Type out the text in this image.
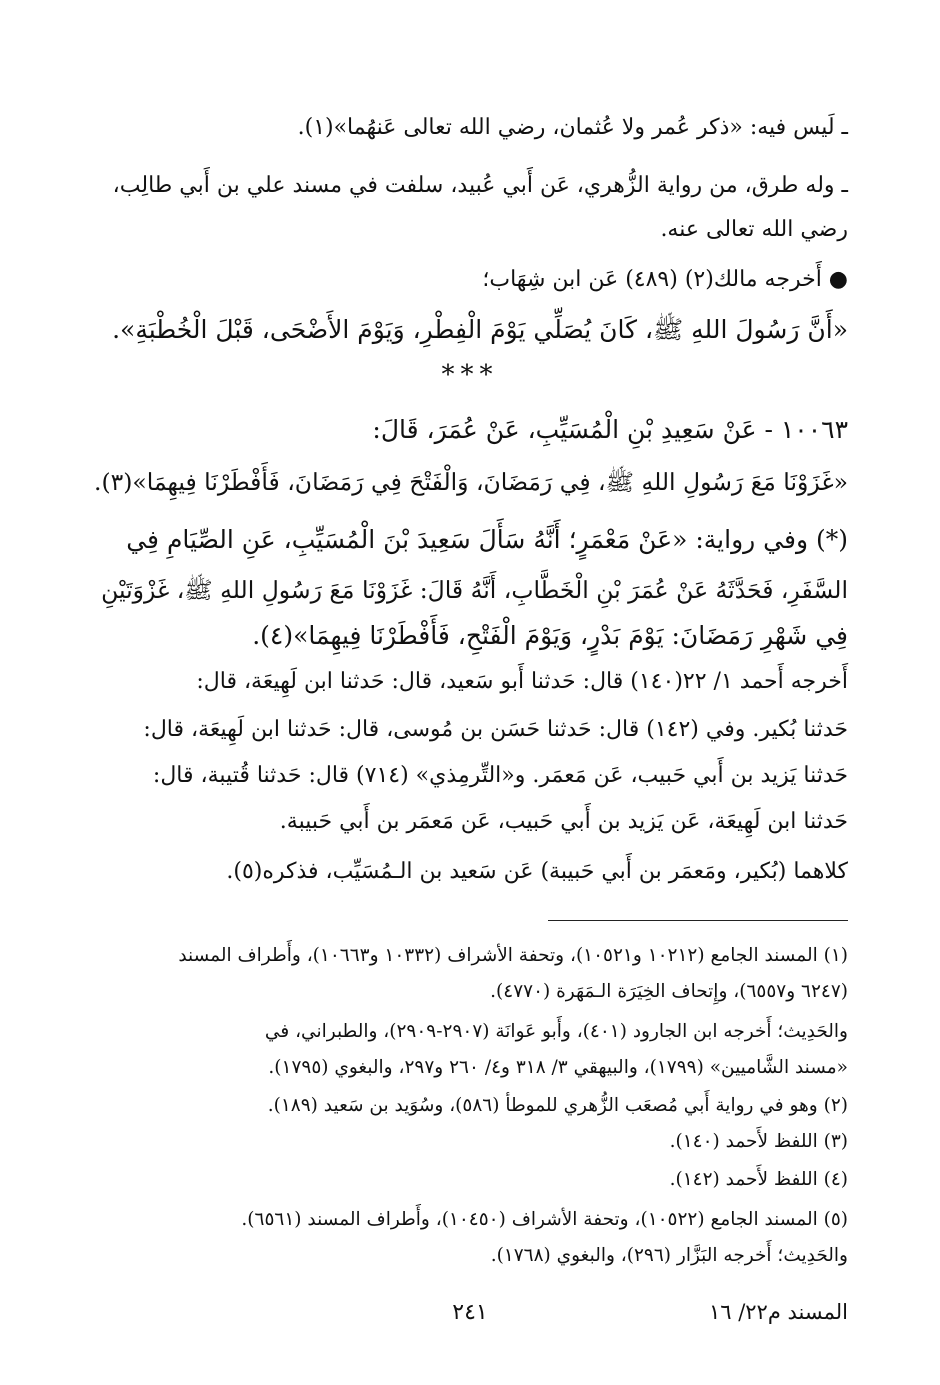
ـ لَيس فيه: «ذكر عُمر ولا عُثمان، رضي الله تعالى عَنهُما»(١).
ـ وله طرق، من رواية الزُّهري، عَن أَبي عُبيد، سلفت في مسند علي بن أَبي طالِب،
رضي الله تعالى عنه.
● أَخرجه مالك(٢) (٤٨٩) عَن ابن شِهَاب؛
«أَنَّ رَسُولَ اللهِ ﷺ، كَانَ يُصَلِّي يَوْمَ الْفِطْرِ، وَيَوْمَ الأَضْحَى، قَبْلَ الْخُطْبَةِ».
***
١٠٠٦٣ - عَنْ سَعِيدِ بْنِ الْمُسَيِّبِ، عَنْ عُمَرَ، قَالَ:
«غَزَوْنَا مَعَ رَسُولِ اللهِ ﷺ، فِي رَمَضَانَ، وَالْفَتْحَ فِي رَمَضَانَ، فَأَفْطَرْنَا فِيهِمَا»(٣).
(*) وفي رواية: «عَنْ مَعْمَرٍ؛ أَنَّهُ سَأَلَ سَعِيدَ بْنَ الْمُسَيِّبِ، عَنِ الصِّيَامِ فِي
السَّفَرِ، فَحَدَّثَهُ عَنْ عُمَرَ بْنِ الْخَطَّابِ، أَنَّهُ قَالَ: غَزَوْنَا مَعَ رَسُولِ اللهِ ﷺ، غَزْوَتَيْنِ
فِي شَهْرِ رَمَضَانَ: يَوْمَ بَدْرٍ، وَيَوْمَ الْفَتْحِ، فَأَفْطَرْنَا فِيهِمَا»(٤).
أَخرجه أَحمد ١/ ٢٢(١٤٠) قال: حَدثنا أَبو سَعيد، قال: حَدثنا ابن لَهِيعَة، قال:
حَدثنا بُكير. وفي (١٤٢) قال: حَدثنا حَسَن بن مُوسى، قال: حَدثنا ابن لَهِيعَة، قال:
حَدثنا يَزيد بن أَبي حَبيب، عَن مَعمَر. و«التِّرمِذي» (٧١٤) قال: حَدثنا قُتيبة، قال:
حَدثنا ابن لَهِيعَة، عَن يَزيد بن أَبي حَبيب، عَن مَعمَر بن أَبي حَبيبة.
كلاهما (بُكير، ومَعمَر بن أَبي حَبيبة) عَن سَعيد بن الـمُسَيِّب، فذكره(٥).
(١) المسند الجامع (١٠٢١٢ و١٠٥٢١)، وتحفة الأشراف (١٠٣٣٢ و١٠٦٦٣)، وأَطراف المسند
(٦٢٤٧ و٦٥٥٧)، وإِتحاف الخِيَرَة الـمَهَرة (٤٧٧٠).
والحَدِيث؛ أَخرجه ابن الجارود (٤٠١)، وأَبو عَوانَة (٢٩٠٧-٢٩٠٩)، والطبراني، في
«مسند الشَّاميين» (١٧٩٩)، والبيهقي ٣/ ٣١٨ و٤/ ٢٦٠ و٢٩٧، والبغوي (١٧٩٥).
(٢) وهو في رواية أَبي مُصعَب الزُّهري للموطأ (٥٨٦)، وسُوَيد بن سَعيد (١٨٩).
(٣) اللفظ لأَحمد (١٤٠).
(٤) اللفظ لأَحمد (١٤٢).
(٥) المسند الجامع (١٠٥٢٢)، وتحفة الأشراف (١٠٤٥٠)، وأَطراف المسند (٦٥٦١).
والحَدِيث؛ أَخرجه البَزَّار (٢٩٦)، والبغوي (١٧٦٨).
المسند م٢٢/ ١٦
٢٤١
